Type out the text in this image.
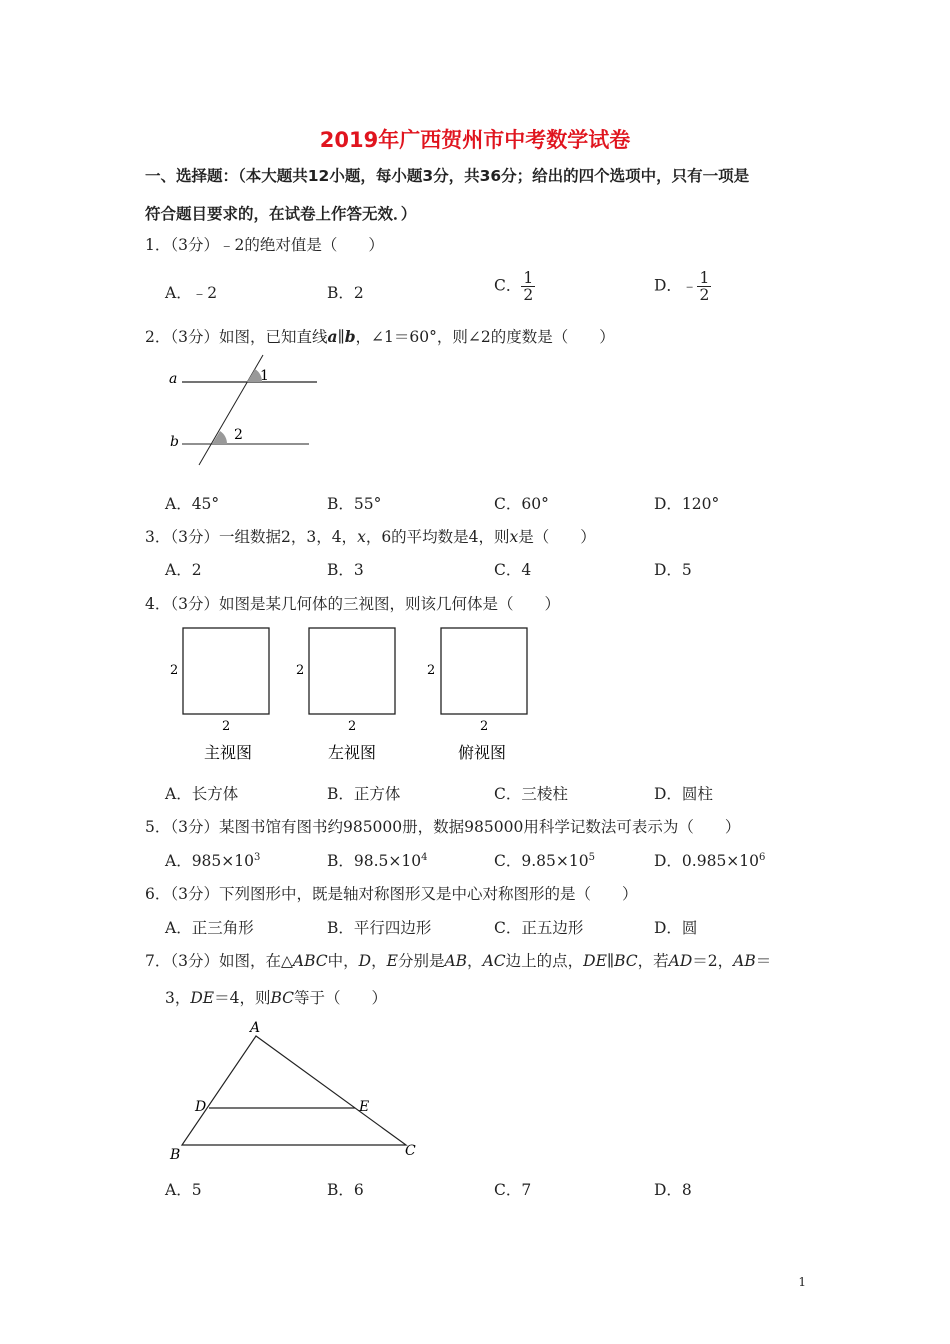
2019年广西贺州市中考数学试卷
一、选择题：（本大题共12小题，每小题3分，共36分；给出的四个选项中，只有一项是
符合题目要求的，在试卷上作答无效．）
1．（3分）﹣2的绝对值是（　　）
A．﹣2	B．2	C． $\frac{1}{2}$	D．﹣ $\frac{1}{2}$
2．（3分）如图，已知直线a∥b，∠1＝60°，则∠2的度数是（　　）
a
b
1
2
A．45°	B．55°	C．60°	D．120°
3．（3分）一组数据2，3，4，x，6的平均数是4，则x是（　　）
A．2	B．3	C．4	D．5
4．（3分）如图是某几何体的三视图，则该几何体是（　　）
2	2	2
2	2	2
主视图	左视图	俯视图
A．长方体	B．正方体	C．三棱柱	D．圆柱
5．（3分）某图书馆有图书约985000册，数据985000用科学记数法可表示为（　　）
A．$985\times 10^3$	B．$98.5\times 10^4$	C．$9.85\times 10^5$	D．$0.985\times 10^6$
6．（3分）下列图形中，既是轴对称图形又是中心对称图形的是（　　）
A．正三角形	B．平行四边形	C．正五边形	D．圆
7．（3分）如图，在△ABC中，D，E分别是AB，AC边上的点，DE∥BC，若AD＝2，AB＝
3，DE＝4，则BC等于（　　）
A
B	C
D	E
A．5	B．6	C．7	D．8
1
